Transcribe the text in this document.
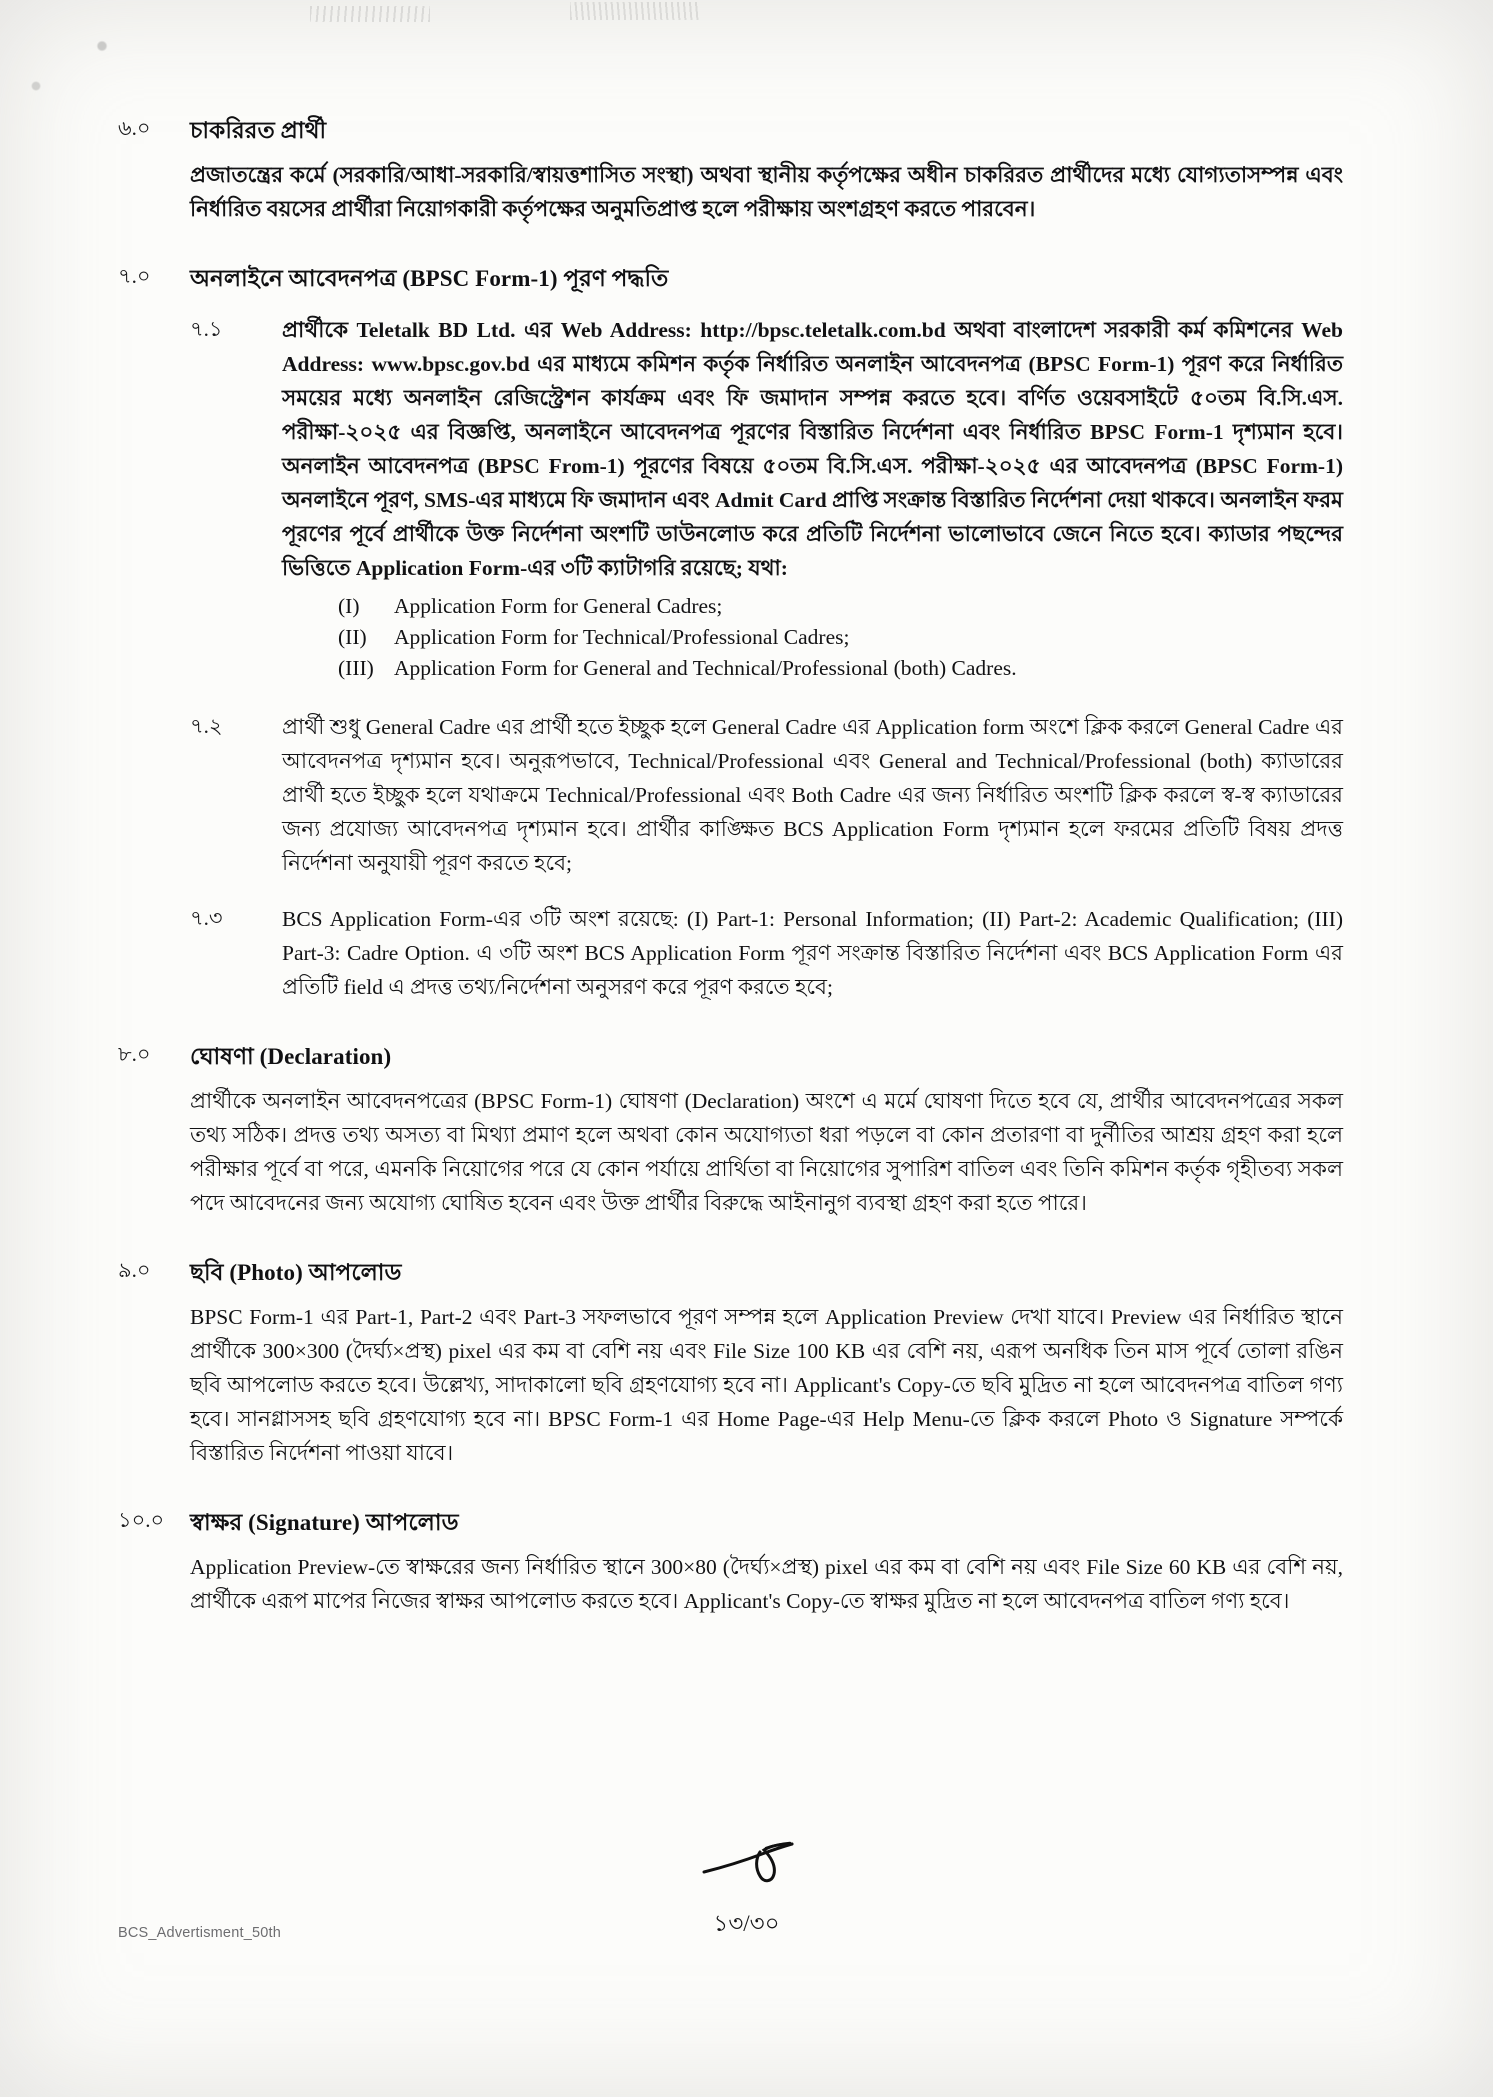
৬.০	চাকরিরত প্রার্থী
প্রজাতন্ত্রের কর্মে (সরকারি/আধা-সরকারি/স্বায়ত্তশাসিত সংস্থা) অথবা স্থানীয় কর্তৃপক্ষের অধীন চাকরিরত প্রার্থীদের মধ্যে যোগ্যতাসম্পন্ন এবং নির্ধারিত বয়সের প্রার্থীরা নিয়োগকারী কর্তৃপক্ষের অনুমতিপ্রাপ্ত হলে পরীক্ষায় অংশগ্রহণ করতে পারবেন।
৭.০	অনলাইনে আবেদনপত্র (BPSC Form-1) পূরণ পদ্ধতি
৭.১	প্রার্থীকে Teletalk BD Ltd. এর Web Address: http://bpsc.teletalk.com.bd অথবা বাংলাদেশ সরকারী কর্ম কমিশনের Web Address: www.bpsc.gov.bd এর মাধ্যমে কমিশন কর্তৃক নির্ধারিত অনলাইন আবেদনপত্র (BPSC Form-1) পূরণ করে নির্ধারিত সময়ের মধ্যে অনলাইন রেজিস্ট্রেশন কার্যক্রম এবং ফি জমাদান সম্পন্ন করতে হবে। বর্ণিত ওয়েবসাইটে ৫০তম বি.সি.এস. পরীক্ষা-২০২৫ এর বিজ্ঞপ্তি, অনলাইনে আবেদনপত্র পূরণের বিস্তারিত নির্দেশনা এবং নির্ধারিত BPSC Form-1 দৃশ্যমান হবে। অনলাইন আবেদনপত্র (BPSC From-1) পূরণের বিষয়ে ৫০তম বি.সি.এস. পরীক্ষা-২০২৫ এর আবেদনপত্র (BPSC Form-1) অনলাইনে পূরণ, SMS-এর মাধ্যমে ফি জমাদান এবং Admit Card প্রাপ্তি সংক্রান্ত বিস্তারিত নির্দেশনা দেয়া থাকবে। অনলাইন ফরম পূরণের পূর্বে প্রার্থীকে উক্ত নির্দেশনা অংশটি ডাউনলোড করে প্রতিটি নির্দেশনা ভালোভাবে জেনে নিতে হবে। ক্যাডার পছন্দের ভিত্তিতে Application Form-এর ৩টি ক্যাটাগরি রয়েছে; যথা:
(I)	Application Form for General Cadres;
(II)	Application Form for Technical/Professional Cadres;
(III) Application Form for General and Technical/Professional (both) Cadres.
৭.২	প্রার্থী শুধু General Cadre এর প্রার্থী হতে ইচ্ছুক হলে General Cadre এর Application form অংশে ক্লিক করলে General Cadre এর আবেদনপত্র দৃশ্যমান হবে। অনুরূপভাবে, Technical/Professional এবং General and Technical/Professional (both) ক্যাডারের প্রার্থী হতে ইচ্ছুক হলে যথাক্রমে Technical/Professional এবং Both Cadre এর জন্য নির্ধারিত অংশটি ক্লিক করলে স্ব-স্ব ক্যাডারের জন্য প্রযোজ্য আবেদনপত্র দৃশ্যমান হবে। প্রার্থীর কাঙ্ক্ষিত BCS Application Form দৃশ্যমান হলে ফরমের প্রতিটি বিষয় প্রদত্ত নির্দেশনা অনুযায়ী পূরণ করতে হবে;
৭.৩	BCS Application Form-এর ৩টি অংশ রয়েছে: (I) Part-1: Personal Information; (II) Part-2: Academic Qualification; (III) Part-3: Cadre Option. এ ৩টি অংশ BCS Application Form পূরণ সংক্রান্ত বিস্তারিত নির্দেশনা এবং BCS Application Form এর প্রতিটি field এ প্রদত্ত তথ্য/নির্দেশনা অনুসরণ করে পূরণ করতে হবে;
৮.০	ঘোষণা (Declaration)
প্রার্থীকে অনলাইন আবেদনপত্রের (BPSC Form-1) ঘোষণা (Declaration) অংশে এ মর্মে ঘোষণা দিতে হবে যে, প্রার্থীর আবেদনপত্রের সকল তথ্য সঠিক। প্রদত্ত তথ্য অসত্য বা মিথ্যা প্রমাণ হলে অথবা কোন অযোগ্যতা ধরা পড়লে বা কোন প্রতারণা বা দুর্নীতির আশ্রয় গ্রহণ করা হলে পরীক্ষার পূর্বে বা পরে, এমনকি নিয়োগের পরে যে কোন পর্যায়ে প্রার্থিতা বা নিয়োগের সুপারিশ বাতিল এবং তিনি কমিশন কর্তৃক গৃহীতব্য সকল পদে আবেদনের জন্য অযোগ্য ঘোষিত হবেন এবং উক্ত প্রার্থীর বিরুদ্ধে আইনানুগ ব্যবস্থা গ্রহণ করা হতে পারে।
৯.০	ছবি (Photo) আপলোড
BPSC Form-1 এর Part-1, Part-2 এবং Part-3 সফলভাবে পূরণ সম্পন্ন হলে Application Preview দেখা যাবে। Preview এর নির্ধারিত স্থানে প্রার্থীকে 300×300 (দৈর্ঘ্য×প্রস্থ) pixel এর কম বা বেশি নয় এবং File Size 100 KB এর বেশি নয়, এরূপ অনধিক তিন মাস পূর্বে তোলা রঙিন ছবি আপলোড করতে হবে। উল্লেখ্য, সাদাকালো ছবি গ্রহণযোগ্য হবে না। Applicant's Copy-তে ছবি মুদ্রিত না হলে আবেদনপত্র বাতিল গণ্য হবে। সানগ্লাসসহ ছবি গ্রহণযোগ্য হবে না। BPSC Form-1 এর Home Page-এর Help Menu-তে ক্লিক করলে Photo ও Signature সম্পর্কে বিস্তারিত নির্দেশনা পাওয়া যাবে।
১০.০	স্বাক্ষর (Signature) আপলোড
Application Preview-তে স্বাক্ষরের জন্য নির্ধারিত স্থানে 300×80 (দৈর্ঘ্য×প্রস্থ) pixel এর কম বা বেশি নয় এবং File Size 60 KB এর বেশি নয়, প্রার্থীকে এরূপ মাপের নিজের স্বাক্ষর আপলোড করতে হবে। Applicant's Copy-তে স্বাক্ষর মুদ্রিত না হলে আবেদনপত্র বাতিল গণ্য হবে।
১৩/৩০
BCS_Advertisment_50th
